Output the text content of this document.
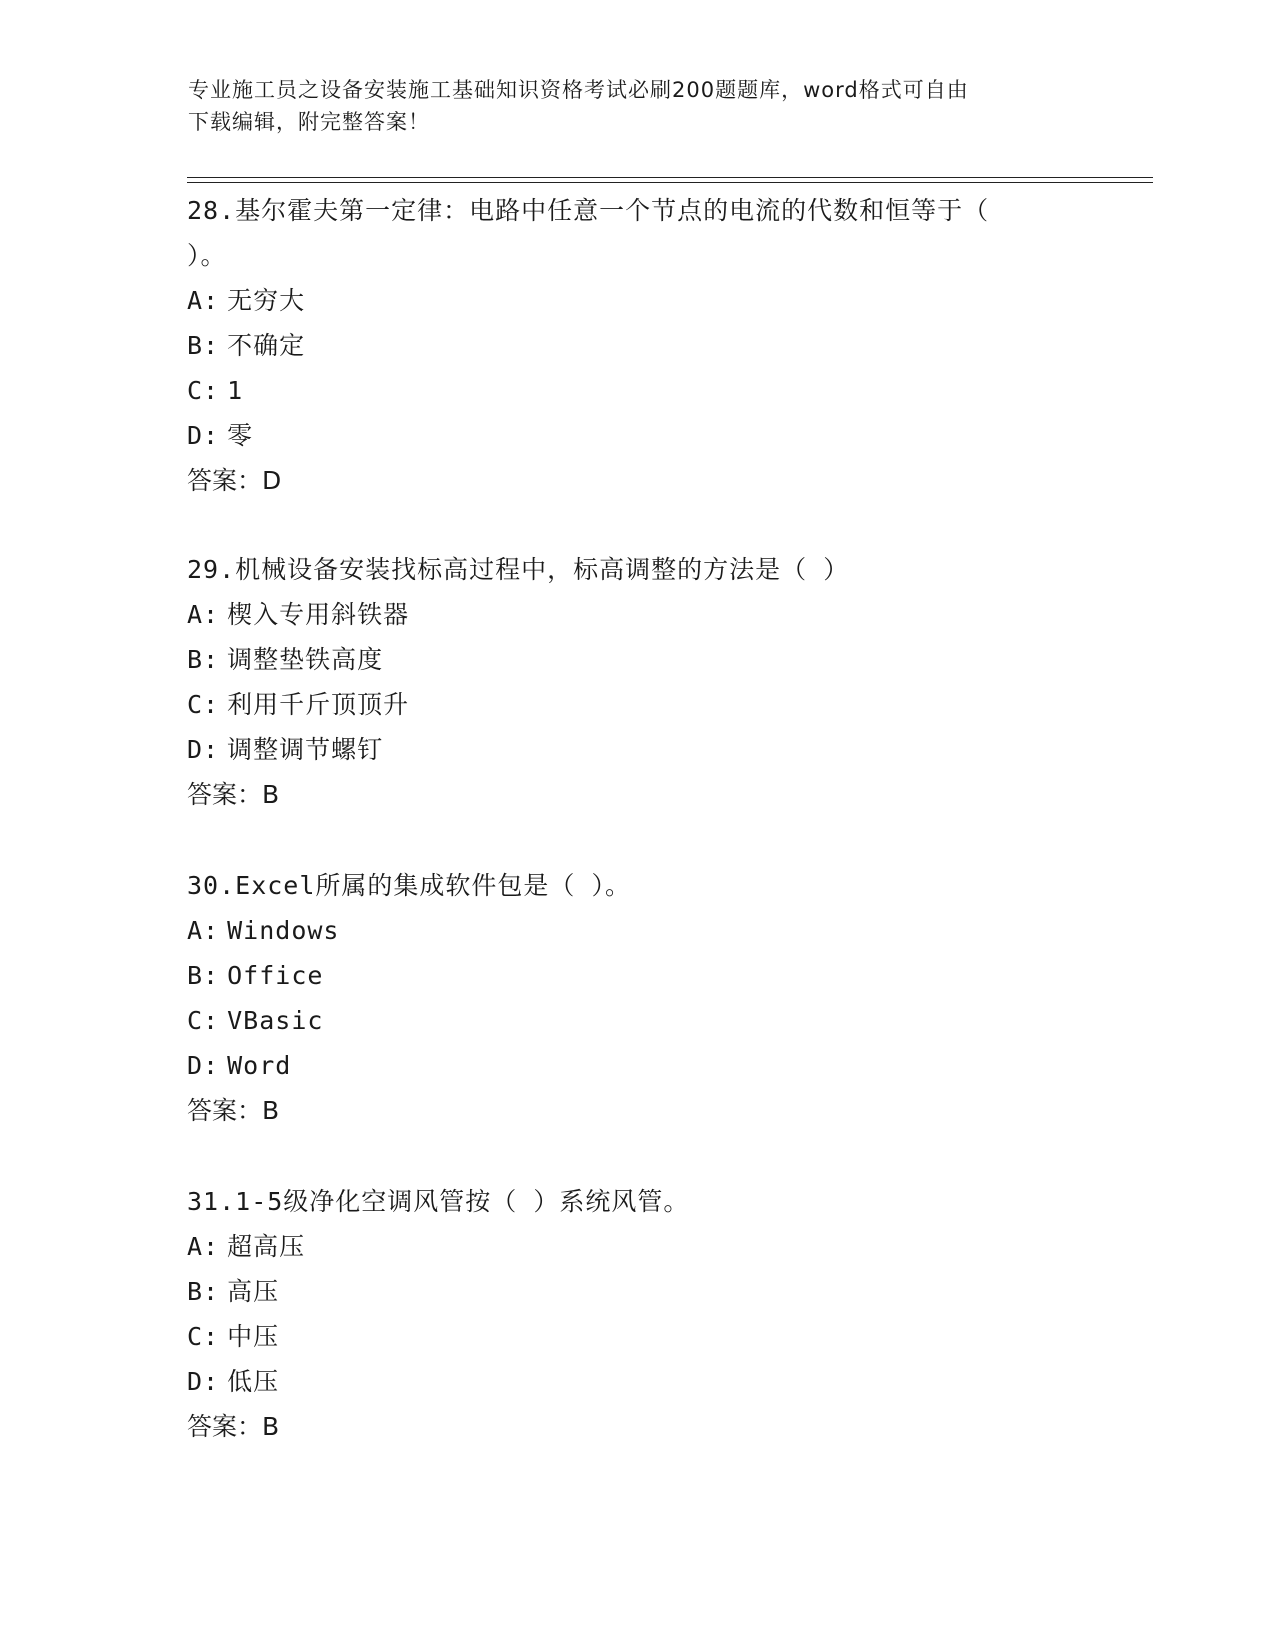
专业施工员之设备安装施工基础知识资格考试必刷200题题库，word格式可自由
下载编辑，附完整答案！
28.基尔霍夫第一定律：电路中任意一个节点的电流的代数和恒等于（
）。
A: 无穷大
B: 不确定
C: 1
D: 零
答案：D
29.机械设备安装找标高过程中，标高调整的方法是（ ）
A: 楔入专用斜铁器
B: 调整垫铁高度
C: 利用千斤顶顶升
D: 调整调节螺钉
答案：B
30.Excel所属的集成软件包是（ ）。
A: Windows
B: Office
C: VBasic
D: Word
答案：B
31.1-5级净化空调风管按（ ）系统风管。
A: 超高压
B: 高压
C: 中压
D: 低压
答案：B
